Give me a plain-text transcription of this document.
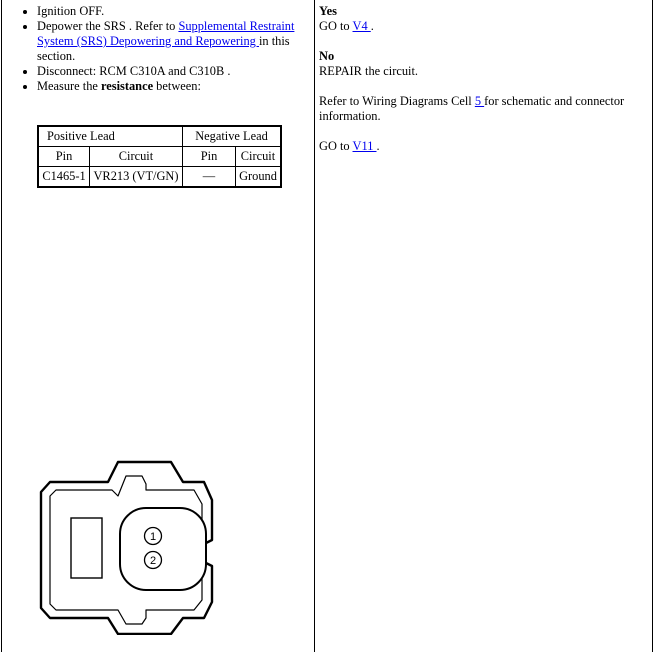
• Ignition OFF.
• Depower the SRS . Refer to Supplemental Restraint System (SRS) Depowering and Repowering in this section.
• Disconnect: RCM C310A and C310B .
• Measure the resistance between:
Positive Lead		Negative Lead	
Pin	Circuit	Pin	Circuit
C1465-1	VR213 (VT/GN)	—	Ground
1
2

Yes

GO to V4 .

No

REPAIR the circuit.

Refer to Wiring Diagrams Cell 5 for schematic and connector information.

GO to V11 .
